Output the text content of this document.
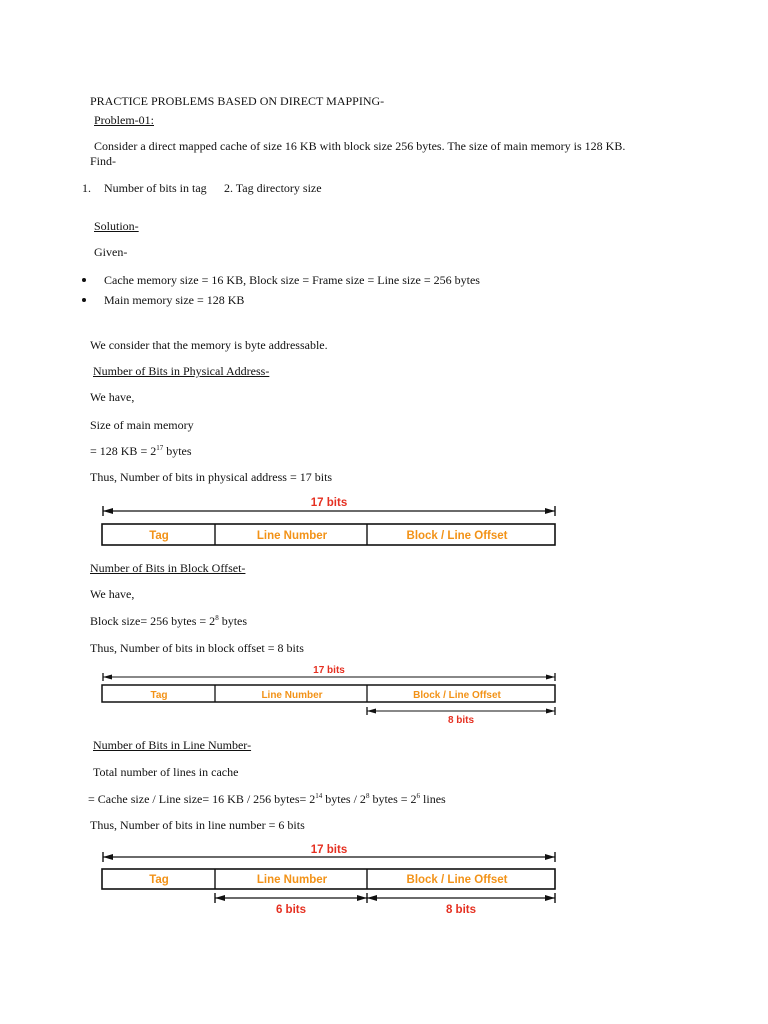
PRACTICE PROBLEMS BASED ON DIRECT MAPPING-
Problem-01:
Consider a direct mapped cache of size 16 KB with block size 256 bytes. The size of main memory is 128 KB.
Find-
1. Number of bits in tag 2. Tag directory size
Solution-
Given-
Cache memory size = 16 KB, Block size = Frame size = Line size = 256 bytes
Main memory size = 128 KB
We consider that the memory is byte addressable.
Number of Bits in Physical Address-
We have,
Size of main memory
= 128 KB = $2^{17}$ bytes
Thus, Number of bits in physical address = 17 bits
17 bits
Tag	Line Number	Block / Line Offset
Number of Bits in Block Offset-
We have,
Block size= 256 bytes = $2^8$ bytes
Thus, Number of bits in block offset = 8 bits
17 bits
Tag	Line Number	Block / Line Offset
8 bits
Number of Bits in Line Number-
Total number of lines in cache
= Cache size / Line size= 16 KB / 256 bytes= $2^{14}$ bytes / $2^8$ bytes = $2^6$ lines
Thus, Number of bits in line number = 6 bits
17 bits
Tag	Line Number	Block / Line Offset
6 bits	8 bits
